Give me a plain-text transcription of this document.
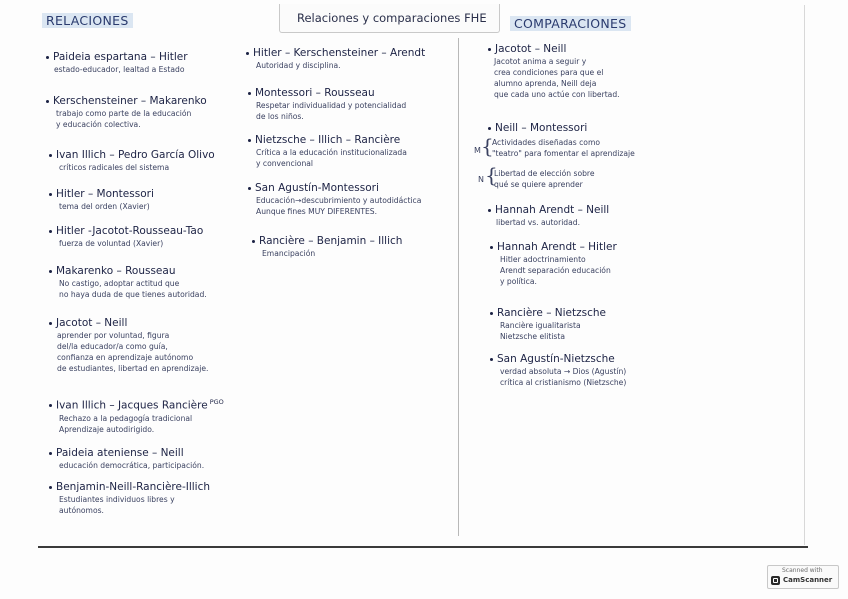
RELACIONES	COMPARACIONES
Relaciones y comparaciones FHE
Paideia espartana – Hitler
estado-educador, lealtad a Estado
Kerschensteiner – Makarenko
trabajo como parte de la educación
y educación colectiva.
Ivan Illich – Pedro García Olivo
críticos radicales del sistema
Hitler – Montessori
tema del orden (Xavier)
Hitler -Jacotot-Rousseau-Tao
fuerza de voluntad (Xavier)
Makarenko – Rousseau
No castigo, adoptar actitud que
no haya duda de que tienes autoridad.
Jacotot – Neill
aprender por voluntad, figura
del/la educador/a como guía,
confianza en aprendizaje autónomo
de estudiantes, libertad en aprendizaje.
Ivan Illich – Jacques Rancière $^{PGO}$
Rechazo a la pedagogía tradicional
Aprendizaje autodirigido.
Paideia ateniense – Neill
educación democrática, participación.
Benjamin-Neill-Rancière-Illich
Estudiantes individuos libres y
autónomos.
Hitler – Kerschensteiner – Arendt
Autoridad y disciplina.
Montessori – Rousseau
Respetar individualidad y potencialidad
de los niños.
Nietzsche – Illich – Rancière
Crítica a la educación institucionalizada
y convencional
San Agustín-Montessori
Educación→descubrimiento y autodidáctica
Aunque fines MUY DIFERENTES.
Rancière – Benjamin – Illich
Emancipación
Jacotot – Neill
Jacotot anima a seguir y
crea condiciones para que el
alumno aprenda, Neill deja
que cada uno actúe con libertad.
Neill – Montessori
M {
Actividades diseñadas como
"teatro" para fomentar el aprendizaje
N {
Libertad de elección sobre
qué se quiere aprender
Hannah Arendt – Neill
libertad vs. autoridad.
Hannah Arendt – Hitler
Hitler adoctrinamiento
Arendt separación educación
y política.
Rancière – Nietzsche
Rancière igualitarista
Nietzsche elitista
San Agustín-Nietzsche
verdad absoluta → Dios (Agustín)
crítica al cristianismo (Nietzsche)
Scanned with
CamScanner
